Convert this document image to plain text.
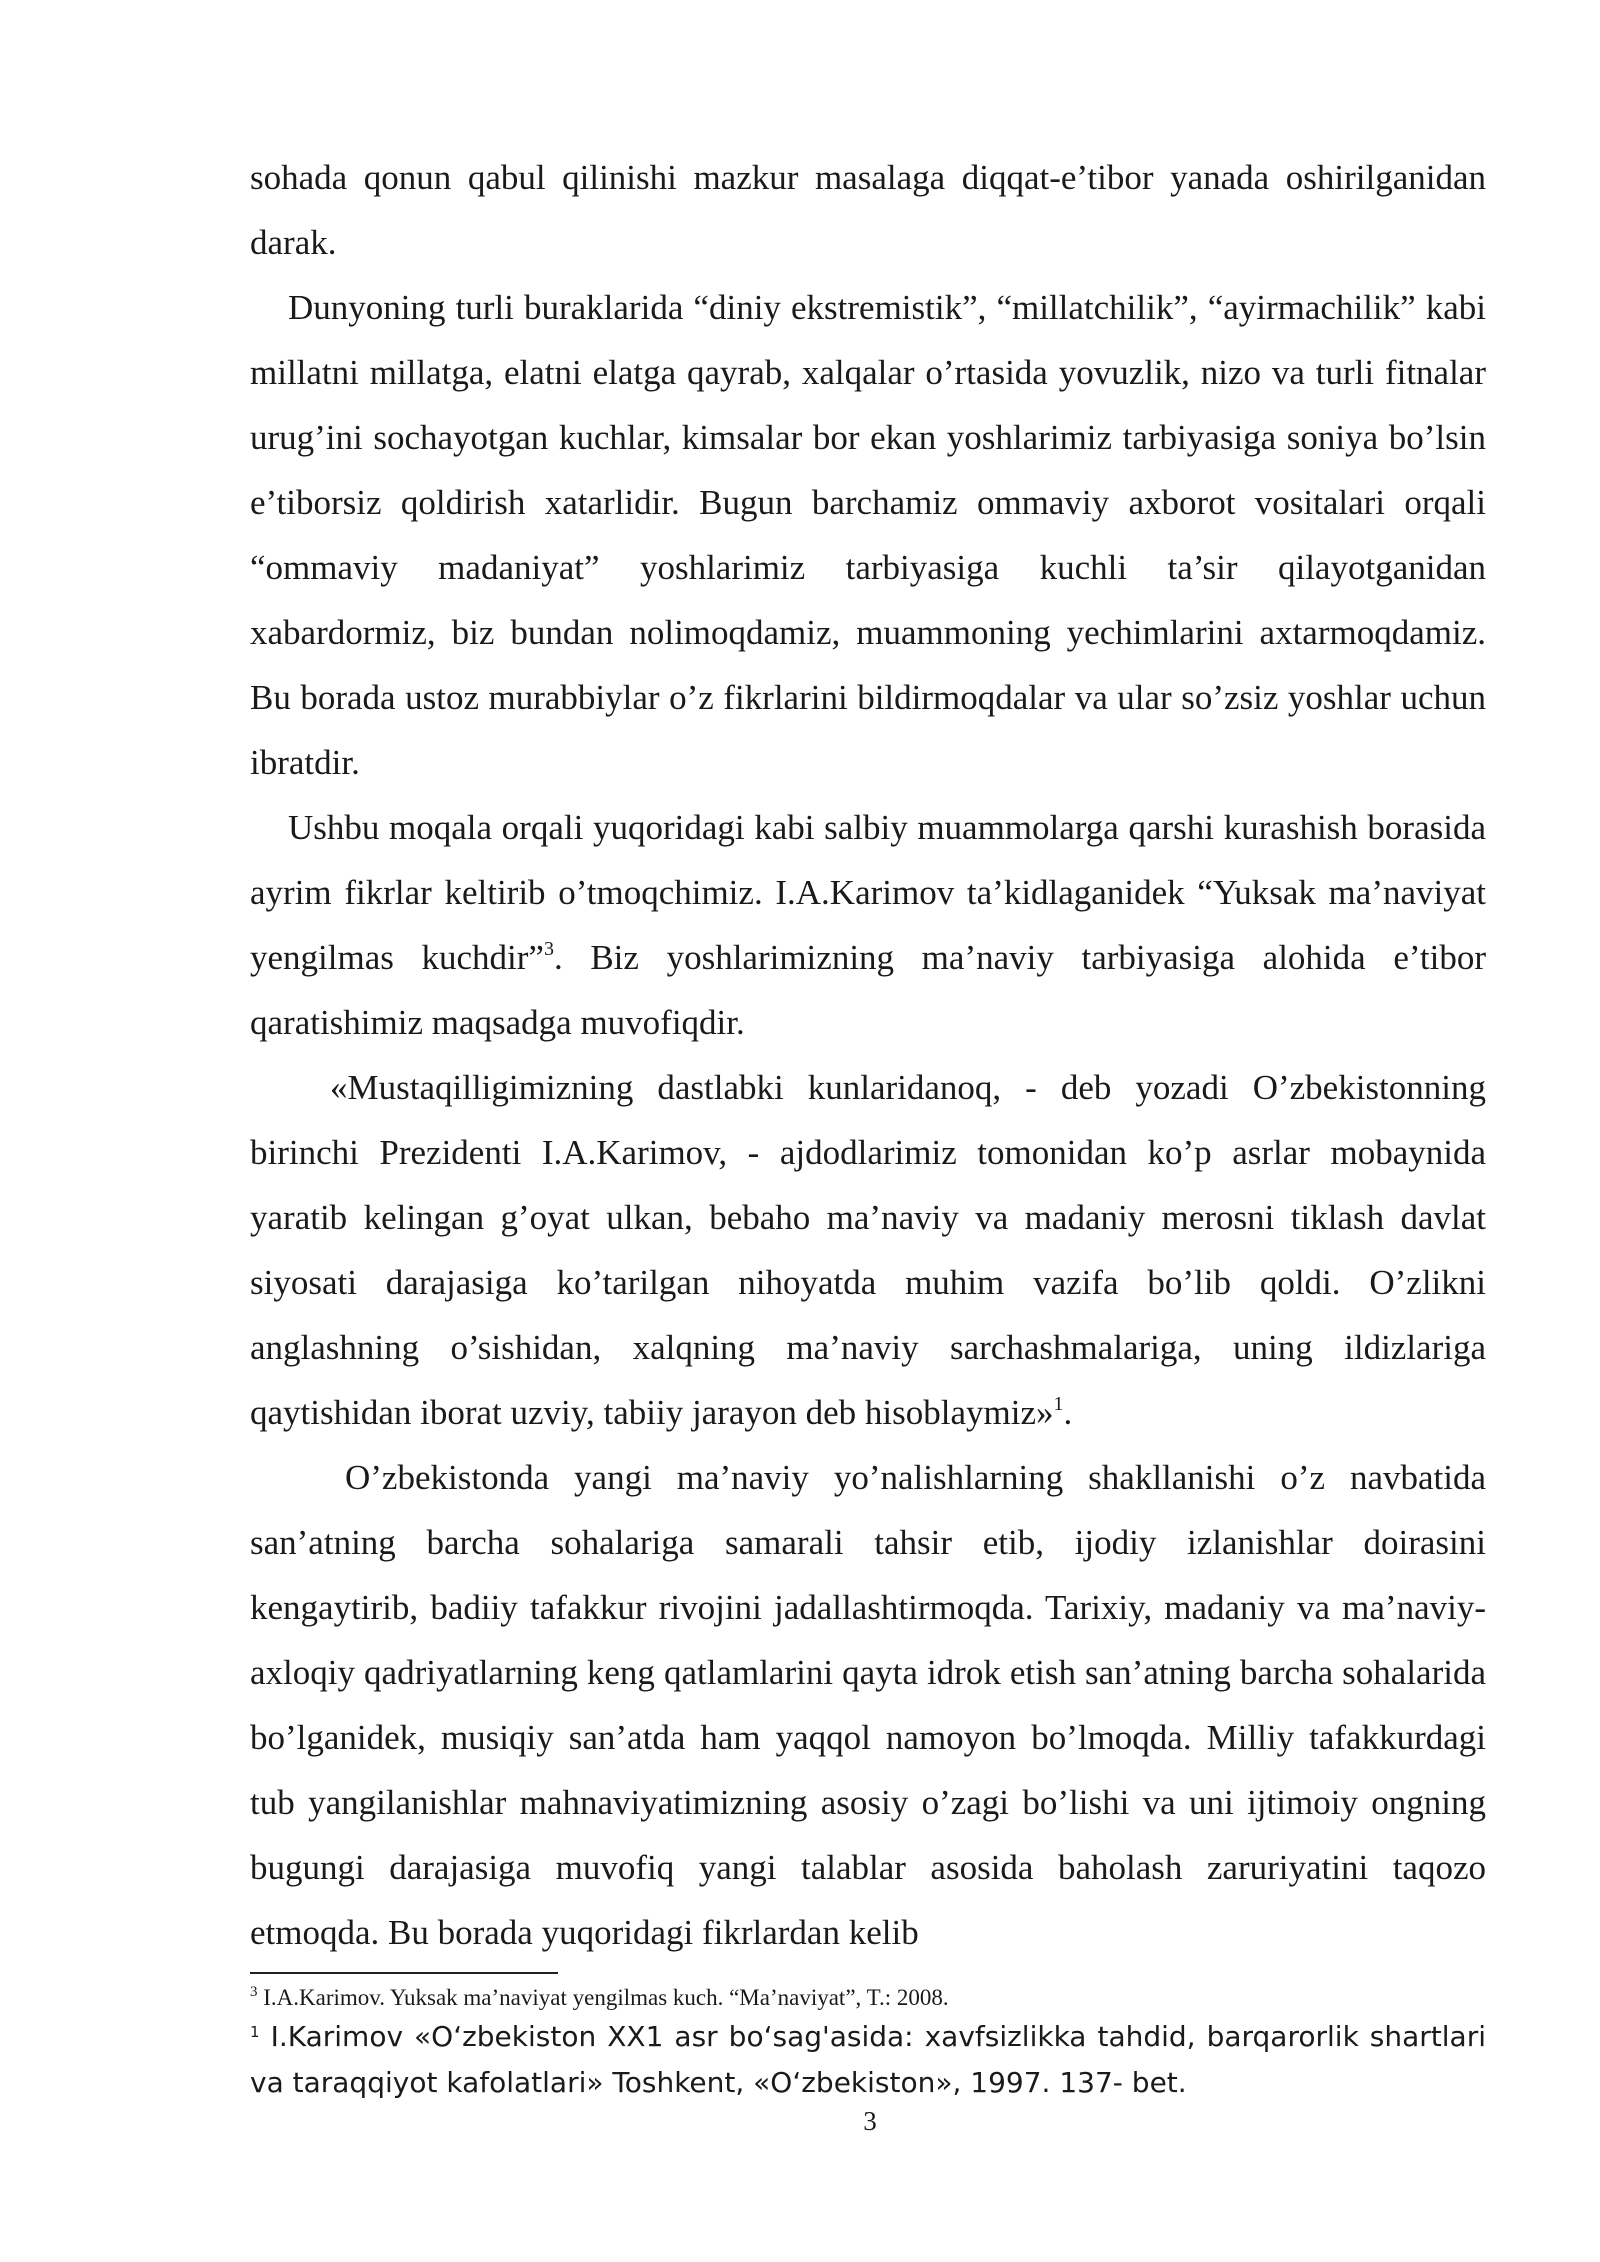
sohada qonun qabul qilinishi mazkur masalaga diqqat-e’tibor yanada oshirilganidan darak.

Dunyoning turli buraklarida “diniy ekstremistik”, “millatchilik”, “ayirmachilik” kabi millatni millatga, elatni elatga qayrab, xalqalar o’rtasida yovuzlik, nizo va turli fitnalar urug’ini sochayotgan kuchlar, kimsalar bor ekan yoshlarimiz tarbiyasiga soniya bo’lsin e’tiborsiz qoldirish xatarlidir. Bugun barchamiz ommaviy axborot vositalari orqali “ommaviy madaniyat” yoshlarimiz tarbiyasiga kuchli ta’sir qilayotganidan xabardormiz, biz bundan nolimoqdamiz, muammoning yechimlarini axtarmoqdamiz. Bu borada ustoz murabbiylar o’z fikrlarini bildirmoqdalar va ular so’zsiz yoshlar uchun ibratdir.

Ushbu moqala orqali yuqoridagi kabi salbiy muammolarga qarshi kurashish borasida ayrim fikrlar keltirib o’tmoqchimiz. I.A.Karimov ta’kidlaganidek “Yuksak ma’naviyat yengilmas kuchdir”$^3$. Biz yoshlarimizning ma’naviy tarbiyasiga alohida e’tibor qaratishimiz maqsadga muvofiqdir.

«Mustaqilligimizning dastlabki kunlaridanoq, - deb yozadi O’zbekistonning birinchi Prezidenti I.A.Karimov, - ajdodlarimiz tomonidan ko’p asrlar mobaynida yaratib kelingan g’oyat ulkan, bebaho ma’naviy va madaniy merosni tiklash davlat siyosati darajasiga ko’tarilgan nihoyatda muhim vazifa bo’lib qoldi. O’zlikni anglashning o’sishidan, xalqning ma’naviy sarchashmalariga, uning ildizlariga qaytishidan iborat uzviy, tabiiy jarayon deb hisoblaymiz»$^1$.

O’zbekistonda yangi ma’naviy yo’nalishlarning shakllanishi o’z navbatida san’atning barcha sohalariga samarali tahsir etib, ijodiy izlanishlar doirasini kengaytirib, badiiy tafakkur rivojini jadallashtirmoqda. Tarixiy, madaniy va ma’naviy-axloqiy qadriyatlarning keng qatlamlarini qayta idrok etish san’atning barcha sohalarida bo’lganidek, musiqiy san’atda ham yaqqol namoyon bo’lmoqda. Milliy tafakkurdagi tub yangilanishlar mahnaviyatimizning asosiy o’zagi bo’lishi va uni ijtimoiy ongning bugungi darajasiga muvofiq yangi talablar asosida baholash zaruriyatini taqozo etmoqda. Bu borada yuqoridagi fikrlardan kelib

$^3$ I.A.Karimov. Yuksak ma’naviyat yengilmas kuch. “Ma’naviyat”, T.: 2008.
$^1$ I.Karimov «O‘zbekiston XX1 asr bo‘sag'asida: xavfsizlikka tahdid, barqarorlik shartlari va taraqqiyot kafolatlari» Toshkent, «O‘zbekiston», 1997. 137- bet.
3
